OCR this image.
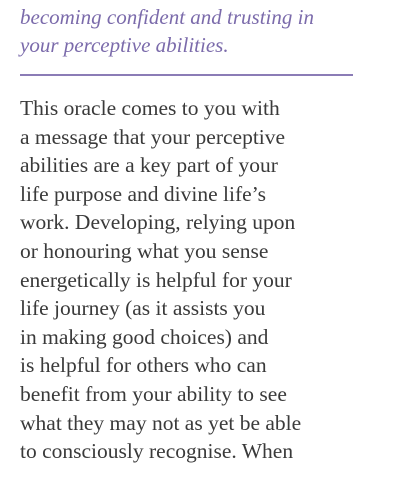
becoming confident and trusting in
your perceptive abilities.

This oracle comes to you with
a message that your perceptive
abilities are a key part of your
life purpose and divine life’s
work. Developing, relying upon
or honouring what you sense
energetically is helpful for your
life journey (as it assists you
in making good choices) and
is helpful for others who can
benefit from your ability to see
what they may not as yet be able
to consciously recognise. When
